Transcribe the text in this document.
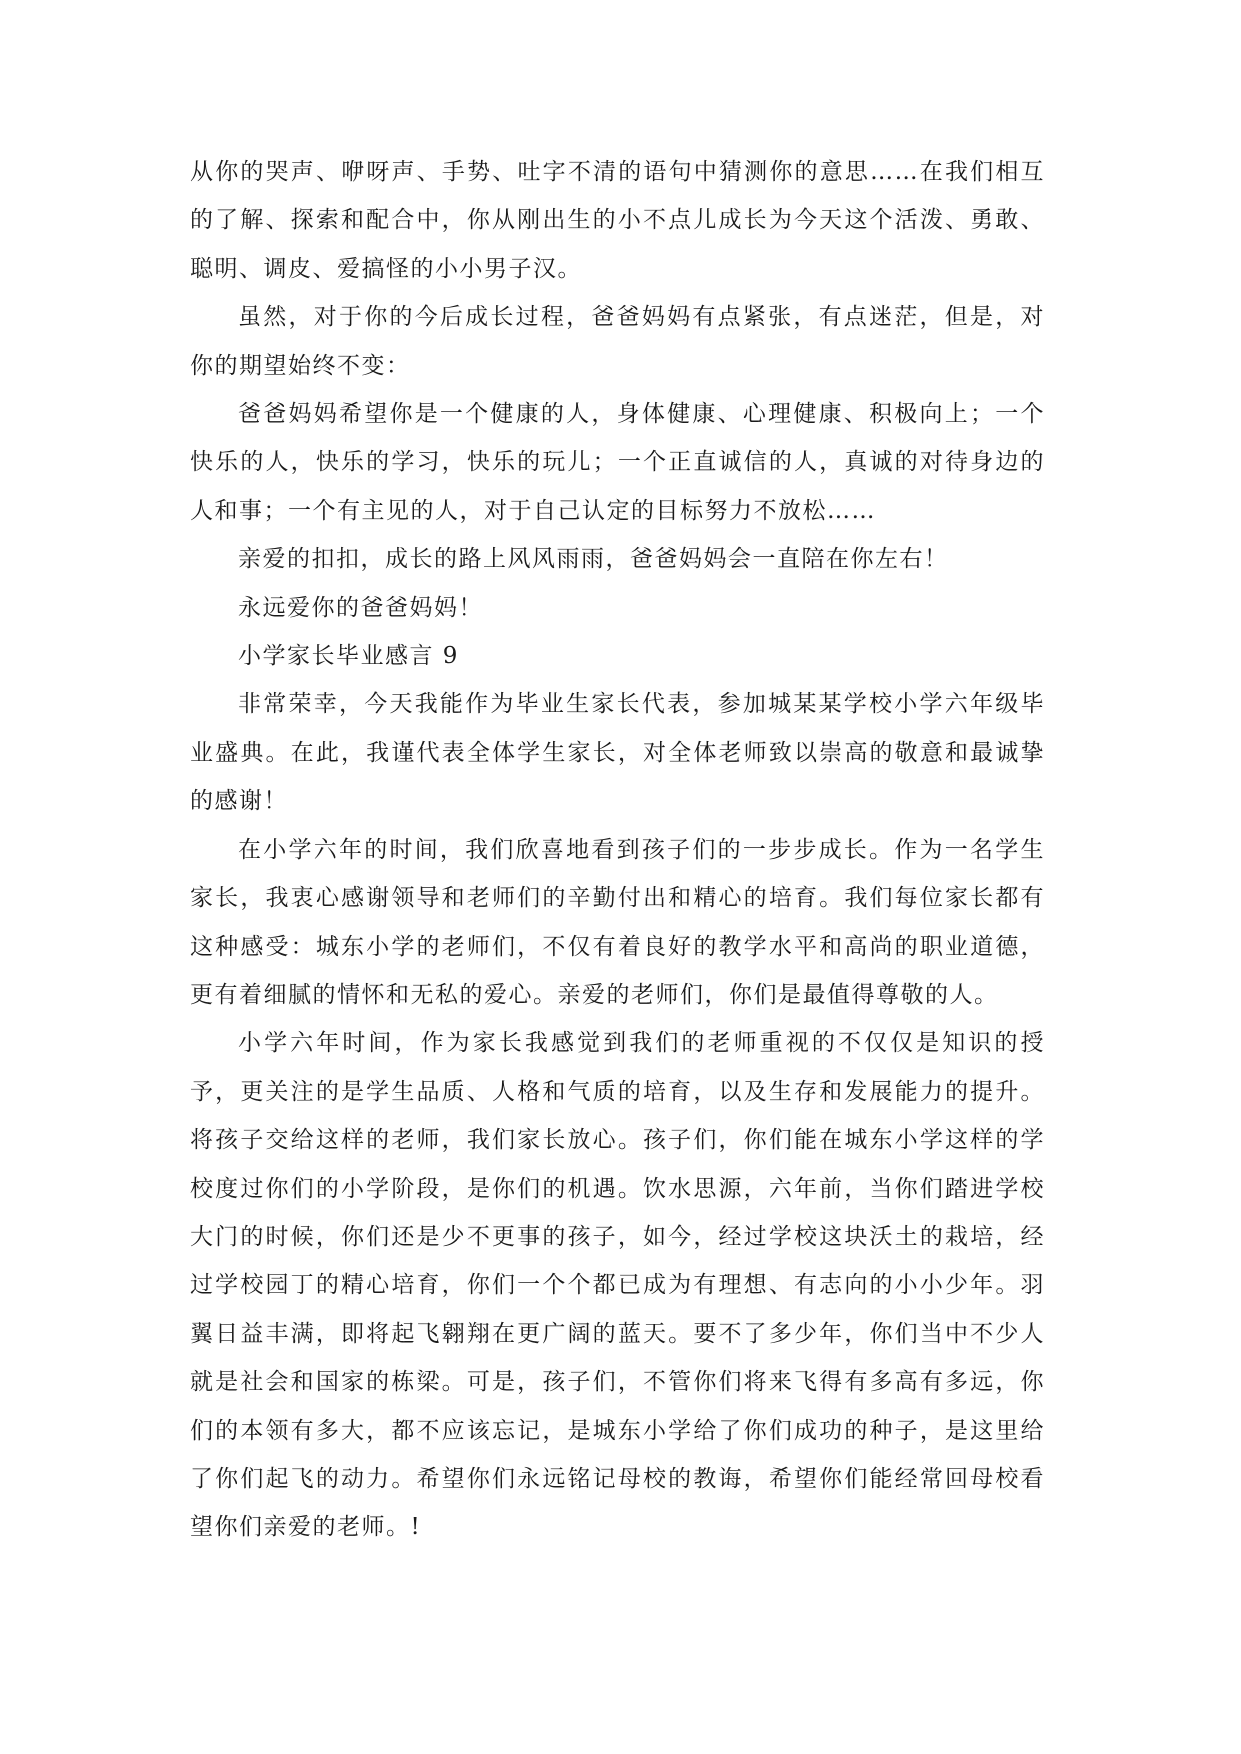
从你的哭声、咿呀声、手势、吐字不清的语句中猜测你的意思……在我们相互的了解、探索和配合中，你从刚出生的小不点儿成长为今天这个活泼、勇敢、聪明、调皮、爱搞怪的小小男子汉。

虽然，对于你的今后成长过程，爸爸妈妈有点紧张，有点迷茫，但是，对你的期望始终不变：

爸爸妈妈希望你是一个健康的人，身体健康、心理健康、积极向上；一个快乐的人，快乐的学习，快乐的玩儿；一个正直诚信的人，真诚的对待身边的人和事；一个有主见的人，对于自己认定的目标努力不放松……

亲爱的扣扣，成长的路上风风雨雨，爸爸妈妈会一直陪在你左右！

永远爱你的爸爸妈妈！

小学家长毕业感言 9

非常荣幸，今天我能作为毕业生家长代表，参加城某某学校小学六年级毕业盛典。在此，我谨代表全体学生家长，对全体老师致以崇高的敬意和最诚挚的感谢！

在小学六年的时间，我们欣喜地看到孩子们的一步步成长。作为一名学生家长，我衷心感谢领导和老师们的辛勤付出和精心的培育。我们每位家长都有这种感受：城东小学的老师们，不仅有着良好的教学水平和高尚的职业道德，更有着细腻的情怀和无私的爱心。亲爱的老师们，你们是最值得尊敬的人。

小学六年时间，作为家长我感觉到我们的老师重视的不仅仅是知识的授予，更关注的是学生品质、人格和气质的培育，以及生存和发展能力的提升。将孩子交给这样的老师，我们家长放心。孩子们，你们能在城东小学这样的学校度过你们的小学阶段，是你们的机遇。饮水思源，六年前，当你们踏进学校大门的时候，你们还是少不更事的孩子，如今，经过学校这块沃土的栽培，经过学校园丁的精心培育，你们一个个都已成为有理想、有志向的小小少年。羽翼日益丰满，即将起飞翱翔在更广阔的蓝天。要不了多少年，你们当中不少人就是社会和国家的栋梁。可是，孩子们，不管你们将来飞得有多高有多远，你们的本领有多大，都不应该忘记，是城东小学给了你们成功的种子，是这里给了你们起飞的动力。希望你们永远铭记母校的教诲，希望你们能经常回母校看望你们亲爱的老师。!
